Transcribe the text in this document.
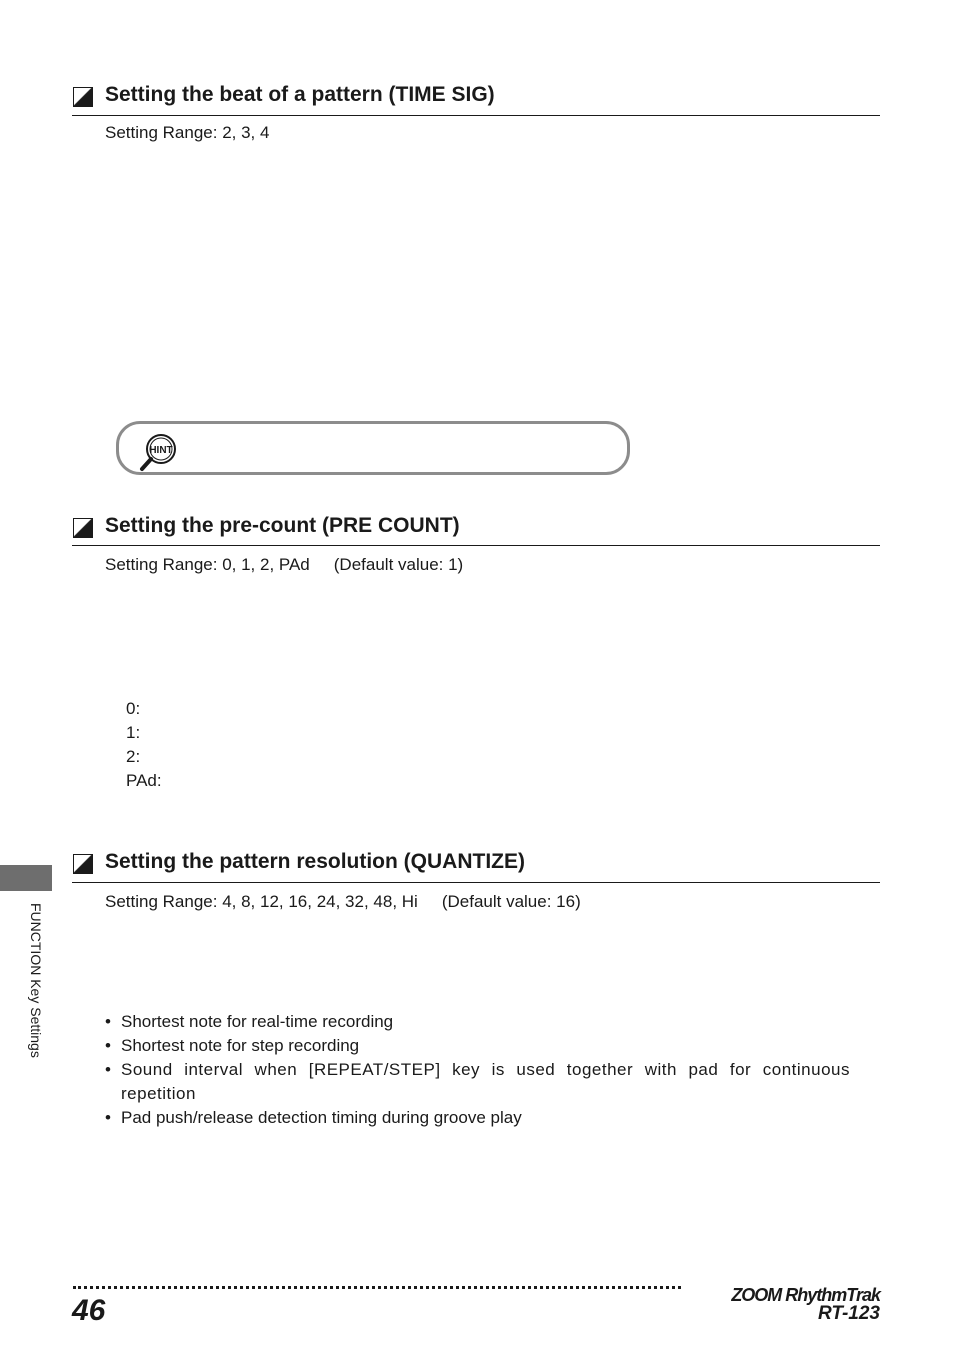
Setting the beat of a pattern (TIME SIG)
Setting Range: 2, 3, 4
HINT
Setting the pre-count (PRE COUNT)
Setting Range: 0, 1, 2, PAd (Default value: 1)
0:
1:
2:
PAd:
Setting the pattern resolution (QUANTIZE)
Setting Range: 4, 8, 12, 16, 24, 32, 48, Hi (Default value: 16)
• Shortest note for real-time recording
• Shortest note for step recording
• Sound interval when [REPEAT/STEP] key is used together with pad for continuous repetition
• Pad push/release detection timing during groove play
FUNCTION Key Settings
46	ZOOM RhythmTrak
RT-123
